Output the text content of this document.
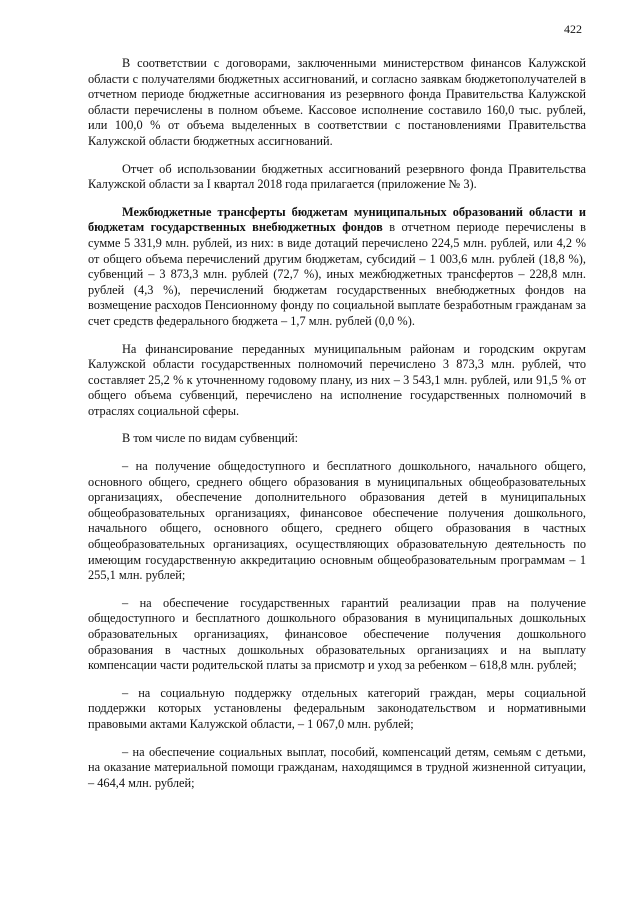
422

В соответствии с договорами, заключенными министерством финансов Калужской области с получателями бюджетных ассигнований, и согласно заявкам бюджетополучателей в отчетном периоде бюджетные ассигнования из резервного фонда Правительства Калужской области перечислены в полном объеме. Кассовое исполнение составило 160,0 тыс. рублей, или 100,0 % от объема выделенных в соответствии с постановлениями Правительства Калужской области бюджетных ассигнований.

Отчет об использовании бюджетных ассигнований резервного фонда Правительства Калужской области за I квартал 2018 года прилагается (приложение № 3).

Межбюджетные трансферты бюджетам муниципальных образований области и бюджетам государственных внебюджетных фондов в отчетном периоде перечислены в сумме 5 331,9 млн. рублей, из них: в виде дотаций перечислено 224,5 млн. рублей, или 4,2 % от общего объема перечислений другим бюджетам, субсидий – 1 003,6 млн. рублей (18,8 %), субвенций – 3 873,3 млн. рублей (72,7 %), иных межбюджетных трансфертов – 228,8 млн. рублей (4,3 %), перечислений бюджетам государственных внебюджетных фондов на возмещение расходов Пенсионному фонду по социальной выплате безработным гражданам за счет средств федерального бюджета – 1,7 млн. рублей (0,0 %).

На финансирование переданных муниципальным районам и городским округам Калужской области государственных полномочий перечислено 3 873,3 млн. рублей, что составляет 25,2 % к уточненному годовому плану, из них – 3 543,1 млн. рублей, или 91,5 % от общего объема субвенций, перечислено на исполнение государственных полномочий в отраслях социальной сферы.

В том числе по видам субвенций:

– на получение общедоступного и бесплатного дошкольного, начального общего, основного общего, среднего общего образования в муниципальных общеобразовательных организациях, обеспечение дополнительного образования детей в муниципальных общеобразовательных организациях, финансовое обеспечение получения дошкольного, начального общего, основного общего, среднего общего образования в частных общеобразовательных организациях, осуществляющих образовательную деятельность по имеющим государственную аккредитацию основным общеобразовательным программам – 1 255,1 млн. рублей;

– на обеспечение государственных гарантий реализации прав на получение общедоступного и бесплатного дошкольного образования в муниципальных дошкольных образовательных организациях, финансовое обеспечение получения дошкольного образования в частных дошкольных образовательных организациях и на выплату компенсации части родительской платы за присмотр и уход за ребенком – 618,8 млн. рублей;

– на социальную поддержку отдельных категорий граждан, меры социальной поддержки которых установлены федеральным законодательством и нормативными правовыми актами Калужской области, – 1 067,0 млн. рублей;

– на обеспечение социальных выплат, пособий, компенсаций детям, семьям с детьми, на оказание материальной помощи гражданам, находящимся в трудной жизненной ситуации, – 464,4 млн. рублей;
